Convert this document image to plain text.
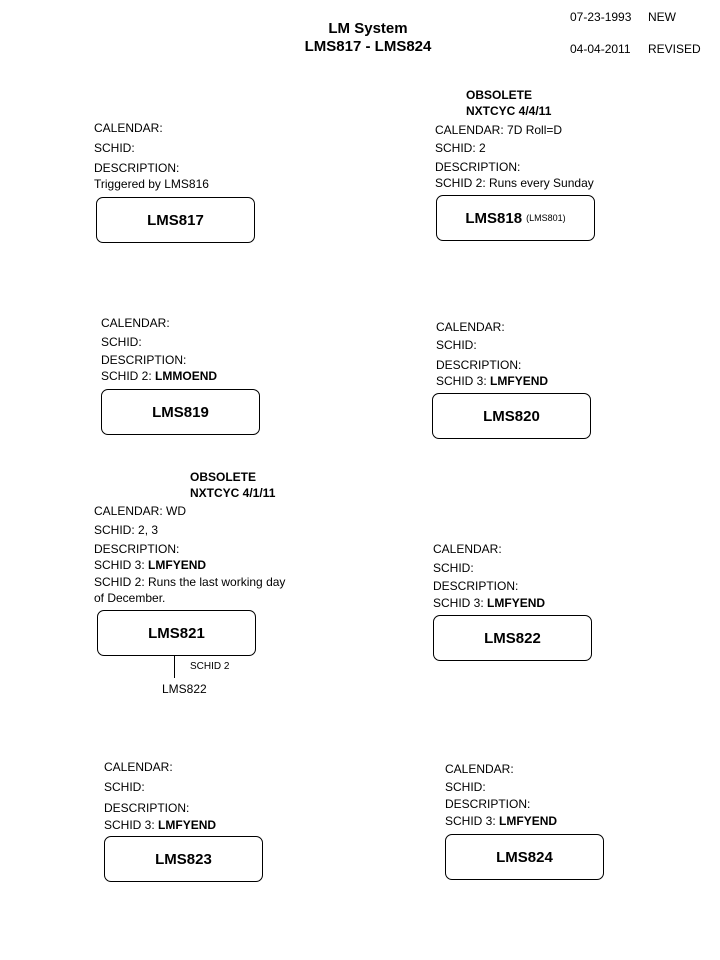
LM System
LMS817 - LMS824
07-23-1993 NEW
04-04-2011 REVISED
CALENDAR:
SCHID:
DESCRIPTION:
Triggered by LMS816
LMS817
OBSOLETE
NXTCYC 4/4/11
CALENDAR: 7D Roll=D
SCHID: 2
DESCRIPTION:
SCHID 2: Runs every Sunday
LMS818 (LMS801)
CALENDAR:
SCHID:
DESCRIPTION:
SCHID 2: LMMOEND
LMS819
CALENDAR:
SCHID:
DESCRIPTION:
SCHID 3: LMFYEND
LMS820
OBSOLETE
NXTCYC 4/1/11
CALENDAR: WD
SCHID: 2, 3
DESCRIPTION:
SCHID 3: LMFYEND
SCHID 2: Runs the last working day
of December.
LMS821
SCHID 2
LMS822
CALENDAR:
SCHID:
DESCRIPTION:
SCHID 3: LMFYEND
LMS822
CALENDAR:
SCHID:
DESCRIPTION:
SCHID 3: LMFYEND
LMS823
CALENDAR:
SCHID:
DESCRIPTION:
SCHID 3: LMFYEND
LMS824
